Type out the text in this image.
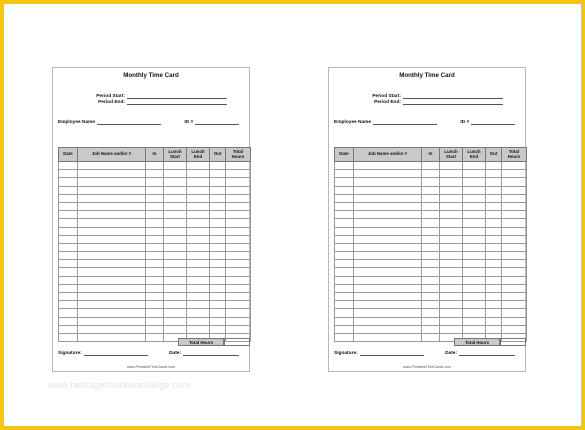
Monthly Time Card
Period Start:
Period End:
Employee Name	ID #
Date	Job Name and/or #	In	Lunch Start	Lunch End	Out	Total Hours

Total Hours
Signature:	Date:
www.PrintableTimeCards.com
Monthly Time Card
Period Start:
Period End:
Employee Name	ID #
Date	Job Name and/or #	In	Lunch Start	Lunch End	Out	Total Hours

Total Hours
Signature:	Date:
www.PrintableTimeCards.com
www.heritagechristiancollege.com
